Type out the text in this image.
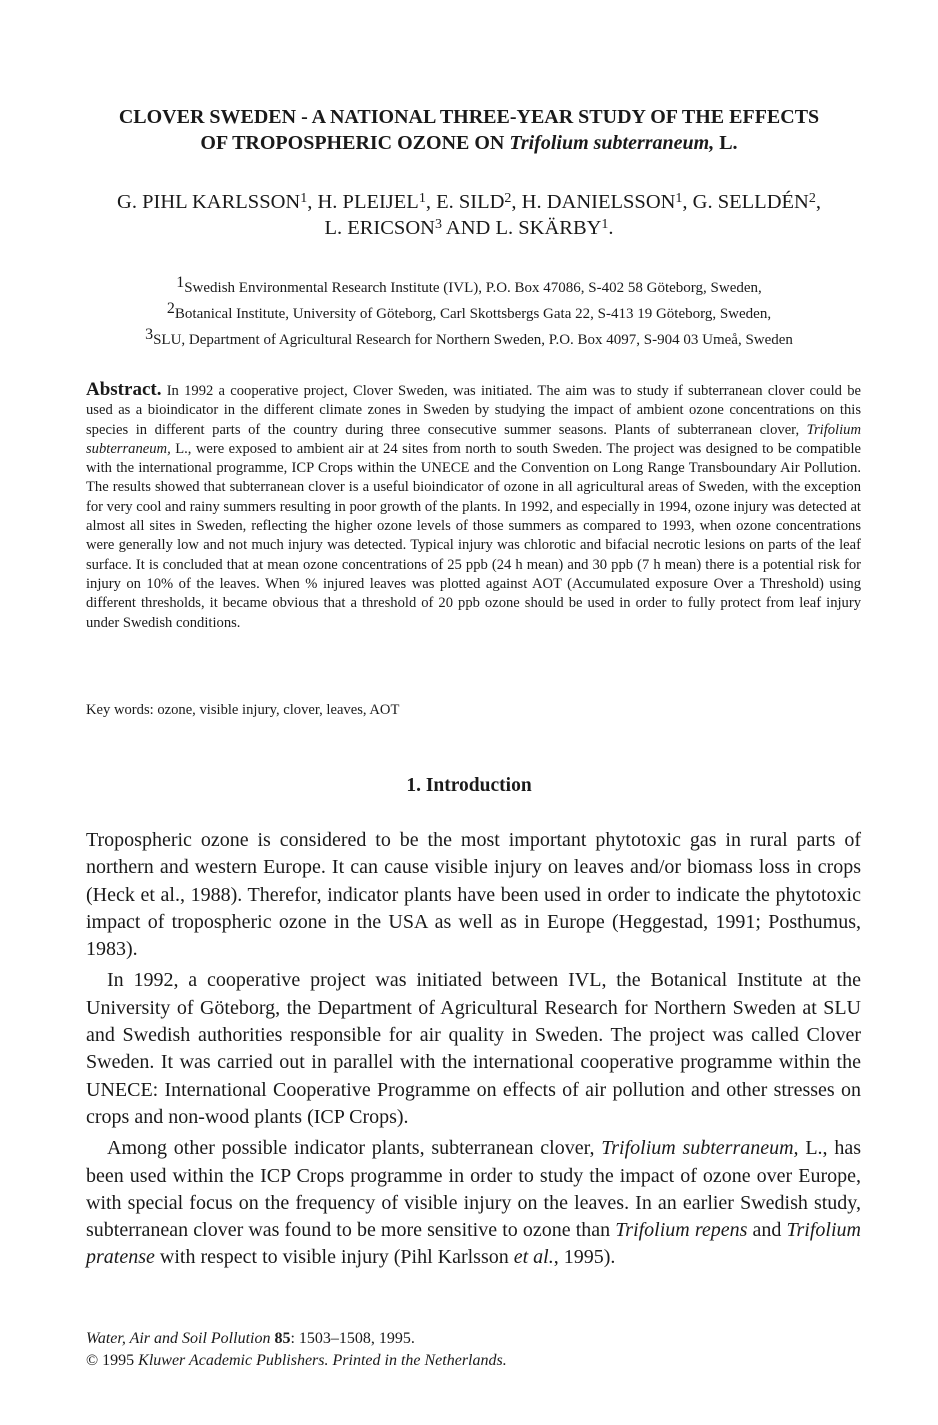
CLOVER SWEDEN - A NATIONAL THREE-YEAR STUDY OF THE EFFECTS
OF TROPOSPHERIC OZONE ON Trifolium subterraneum, L.
G. PIHL KARLSSON$^1$, H. PLEIJEL$^1$, E. SILD$^2$, H. DANIELSSON$^1$, G. SELLDÉN$^2$,
L. ERICSON$^3$ AND L. SKÄRBY$^1$.
$^1$Swedish Environmental Research Institute (IVL), P.O. Box 47086, S-402 58 Göteborg, Sweden,
$^2$Botanical Institute, University of Göteborg, Carl Skottsbergs Gata 22, S-413 19 Göteborg, Sweden,
$^3$SLU, Department of Agricultural Research for Northern Sweden, P.O. Box 4097, S-904 03 Umeå, Sweden
Abstract. In 1992 a cooperative project, Clover Sweden, was initiated. The aim was to study if subterranean clover could be used as a bioindicator in the different climate zones in Sweden by studying the impact of ambient ozone concentrations on this species in different parts of the country during three consecutive summer seasons. Plants of subterranean clover, Trifolium subterraneum, L., were exposed to ambient air at 24 sites from north to south Sweden. The project was designed to be compatible with the international programme, ICP Crops within the UNECE and the Convention on Long Range Transboundary Air Pollution. The results showed that subterranean clover is a useful bioindicator of ozone in all agricultural areas of Sweden, with the exception for very cool and rainy summers resulting in poor growth of the plants. In 1992, and especially in 1994, ozone injury was detected at almost all sites in Sweden, reflecting the higher ozone levels of those summers as compared to 1993, when ozone concentrations were generally low and not much injury was detected. Typical injury was chlorotic and bifacial necrotic lesions on parts of the leaf surface. It is concluded that at mean ozone concentrations of 25 ppb (24 h mean) and 30 ppb (7 h mean) there is a potential risk for injury on 10% of the leaves. When % injured leaves was plotted against AOT (Accumulated exposure Over a Threshold) using different thresholds, it became obvious that a threshold of 20 ppb ozone should be used in order to fully protect from leaf injury under Swedish conditions.
Key words: ozone, visible injury, clover, leaves, AOT
1. Introduction

Tropospheric ozone is considered to be the most important phytotoxic gas in rural parts of northern and western Europe. It can cause visible injury on leaves and/or biomass loss in crops (Heck et al., 1988). Therefor, indicator plants have been used in order to indicate the phytotoxic impact of tropospheric ozone in the USA as well as in Europe (Heggestad, 1991; Posthumus, 1983).

In 1992, a cooperative project was initiated between IVL, the Botanical Institute at the University of Göteborg, the Department of Agricultural Research for Northern Sweden at SLU and Swedish authorities responsible for air quality in Sweden. The project was called Clover Sweden. It was carried out in parallel with the international cooperative programme within the UNECE: International Cooperative Programme on effects of air pollution and other stresses on crops and non-wood plants (ICP Crops).

Among other possible indicator plants, subterranean clover, Trifolium subterraneum, L., has been used within the ICP Crops programme in order to study the impact of ozone over Europe, with special focus on the frequency of visible injury on the leaves. In an earlier Swedish study, subterranean clover was found to be more sensitive to ozone than Trifolium repens and Trifolium pratense with respect to visible injury (Pihl Karlsson et al., 1995).

Water, Air and Soil Pollution 85: 1503–1508, 1995.
© 1995 Kluwer Academic Publishers. Printed in the Netherlands.
